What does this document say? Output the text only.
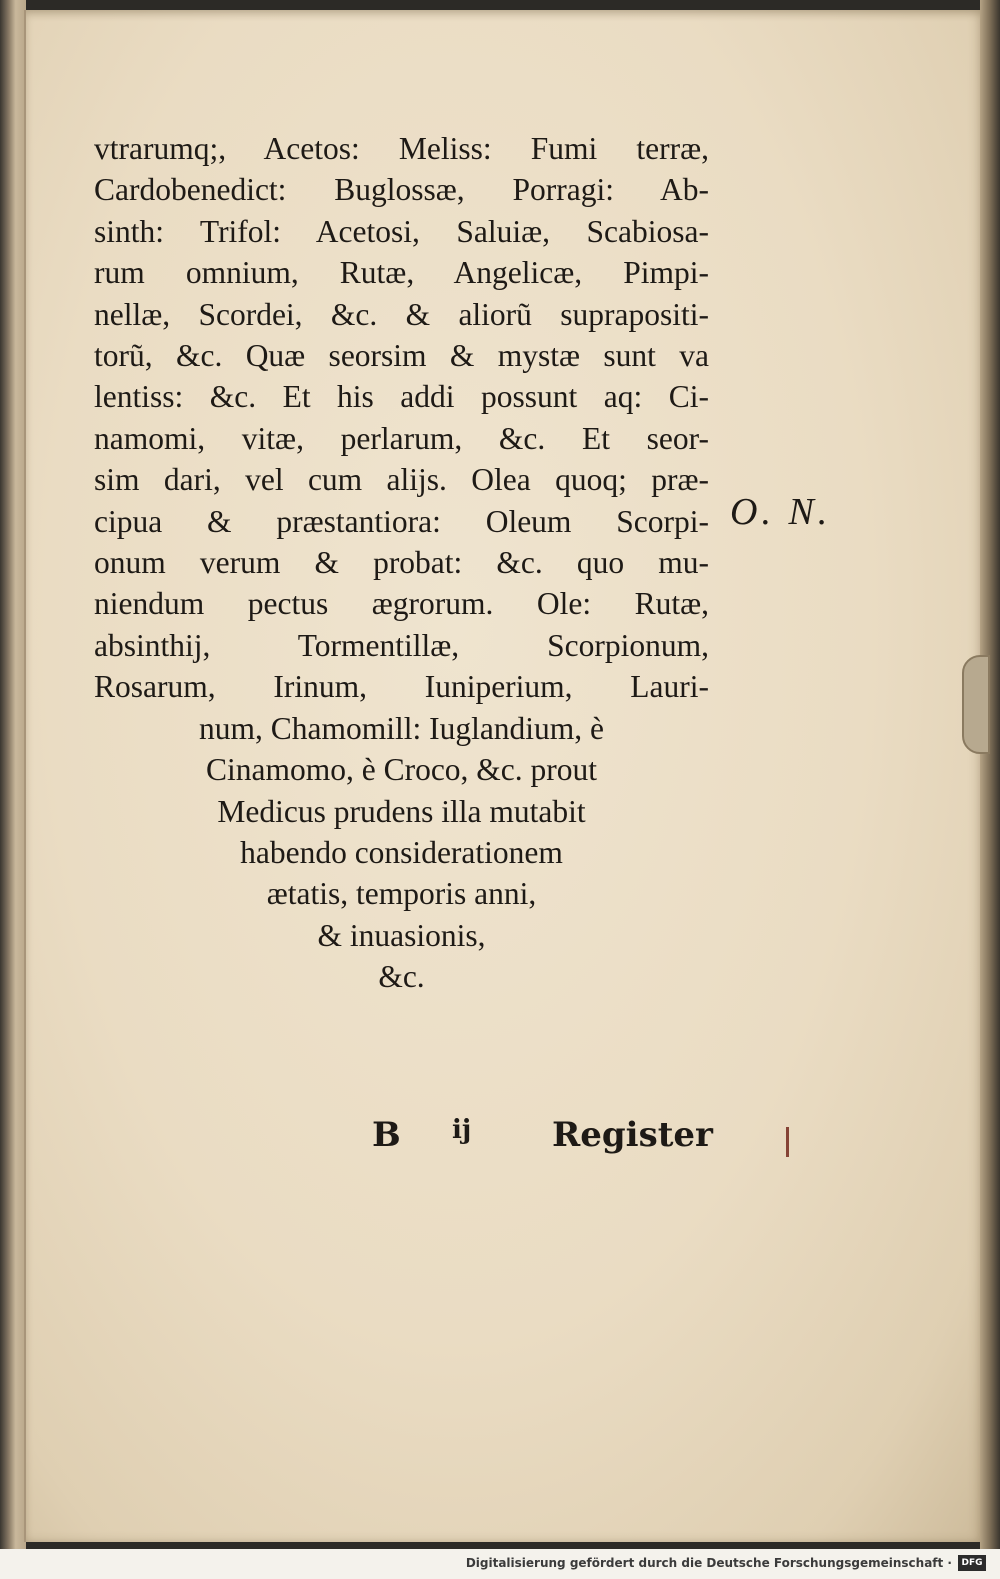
vtrarumq;, Acetos: Meliss: Fumi terræ,
Cardobenedict: Buglossæ, Porragi: Ab-
sinth: Trifol: Acetosi, Saluiæ, Scabiosa-
rum omnium, Rutæ, Angelicæ, Pimpi-
nellæ, Scordei, &c. & aliorũ suprapositi-
torũ, &c. Quæ seorsim & mystæ sunt va
lentiss: &c. Et his addi possunt aq: Ci-
namomi, vitæ, perlarum, &c. Et seor-
sim dari, vel cum alijs. Olea quoq; præ-
cipua & præstantiora: Oleum Scorpi-
onum verum & probat: &c. quo mu-
niendum pectus ægrorum. Ole: Rutæ,
absinthij, Tormentillæ, Scorpionum,
Rosarum, Irinum, Iuniperium, Lauri-
num, Chamomill: Iuglandium, è
Cinamomo, è Croco, &c. prout
Medicus prudens illa mutabit
habendo considerationem
ætatis, temporis anni,
& inuasionis,
&c.
O. N.
B ij Register
Digitalisierung gefördert durch die Deutsche Forschungsgemeinschaft ·	DFG
